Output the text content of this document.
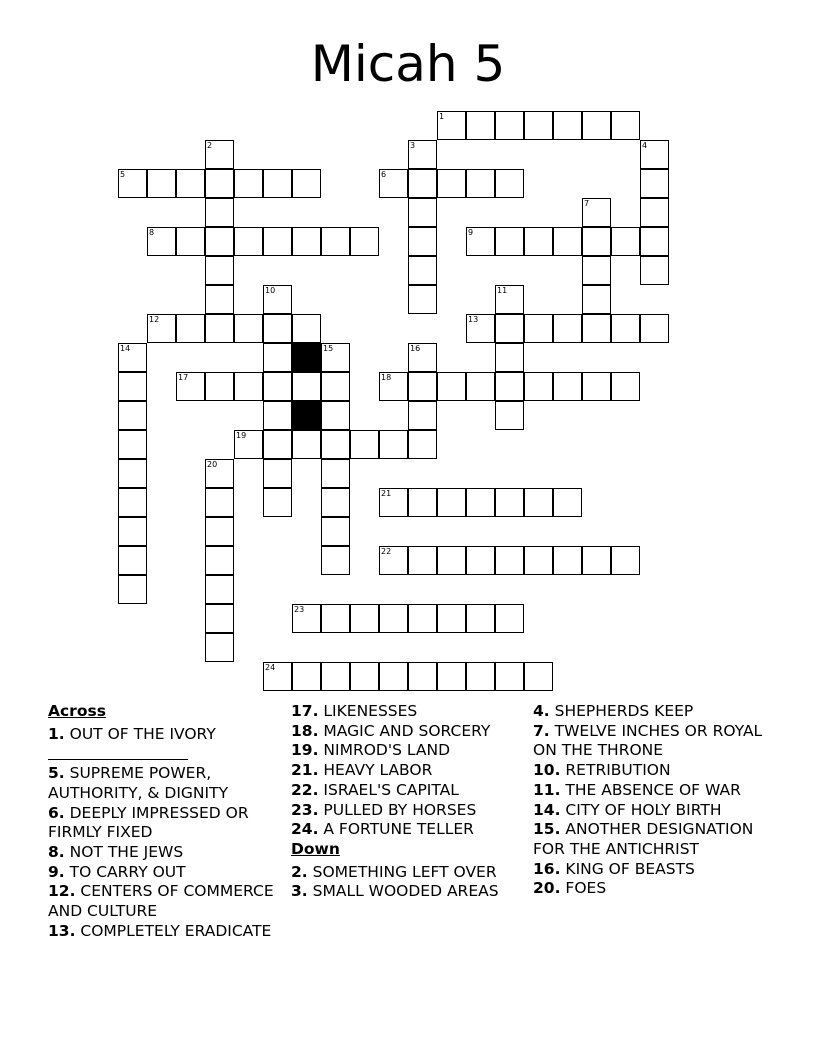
Micah 5
1
5	6
8	9
12	13
17	18
19
21
22
23
24
2	3	4
7
10	11
14	15	16
20

Across

1. OUT OF THE IVORY

5. SUPREME POWER, AUTHORITY, & DIGNITY

6. DEEPLY IMPRESSED OR FIRMLY FIXED

8. NOT THE JEWS

9. TO CARRY OUT

12. CENTERS OF COMMERCE AND CULTURE

13. COMPLETELY ERADICATE

17. LIKENESSES

18. MAGIC AND SORCERY

19. NIMROD'S LAND

21. HEAVY LABOR

22. ISRAEL'S CAPITAL

23. PULLED BY HORSES

24. A FORTUNE TELLER

Down

2. SOMETHING LEFT OVER

3. SMALL WOODED AREAS

4. SHEPHERDS KEEP

7. TWELVE INCHES OR ROYAL ON THE THRONE

10. RETRIBUTION

11. THE ABSENCE OF WAR

14. CITY OF HOLY BIRTH

15. ANOTHER DESIGNATION FOR THE ANTICHRIST

16. KING OF BEASTS

20. FOES
